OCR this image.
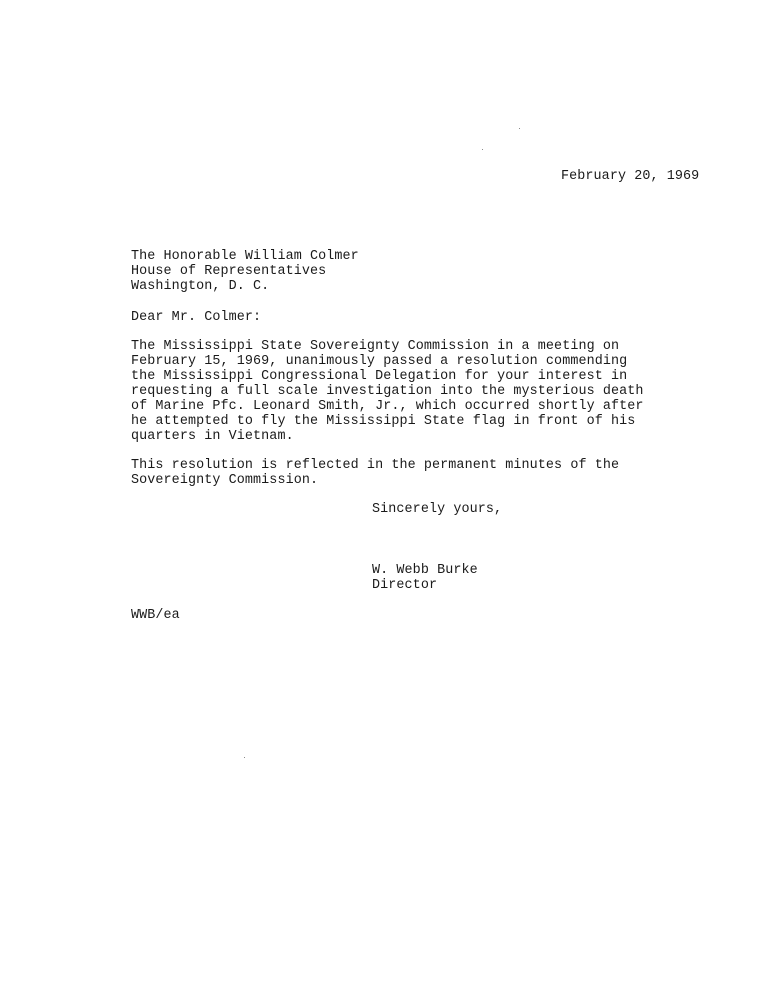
February 20, 1969
The Honorable William Colmer
House of Representatives
Washington, D. C.
Dear Mr. Colmer:
The Mississippi State Sovereignty Commission in a meeting on
February 15, 1969, unanimously passed a resolution commending
the Mississippi Congressional Delegation for your interest in
requesting a full scale investigation into the mysterious death
of Marine Pfc. Leonard Smith, Jr., which occurred shortly after
he attempted to fly the Mississippi State flag in front of his
quarters in Vietnam.
This resolution is reflected in the permanent minutes of the
Sovereignty Commission.
Sincerely yours,
W. Webb Burke
Director
WWB/ea
